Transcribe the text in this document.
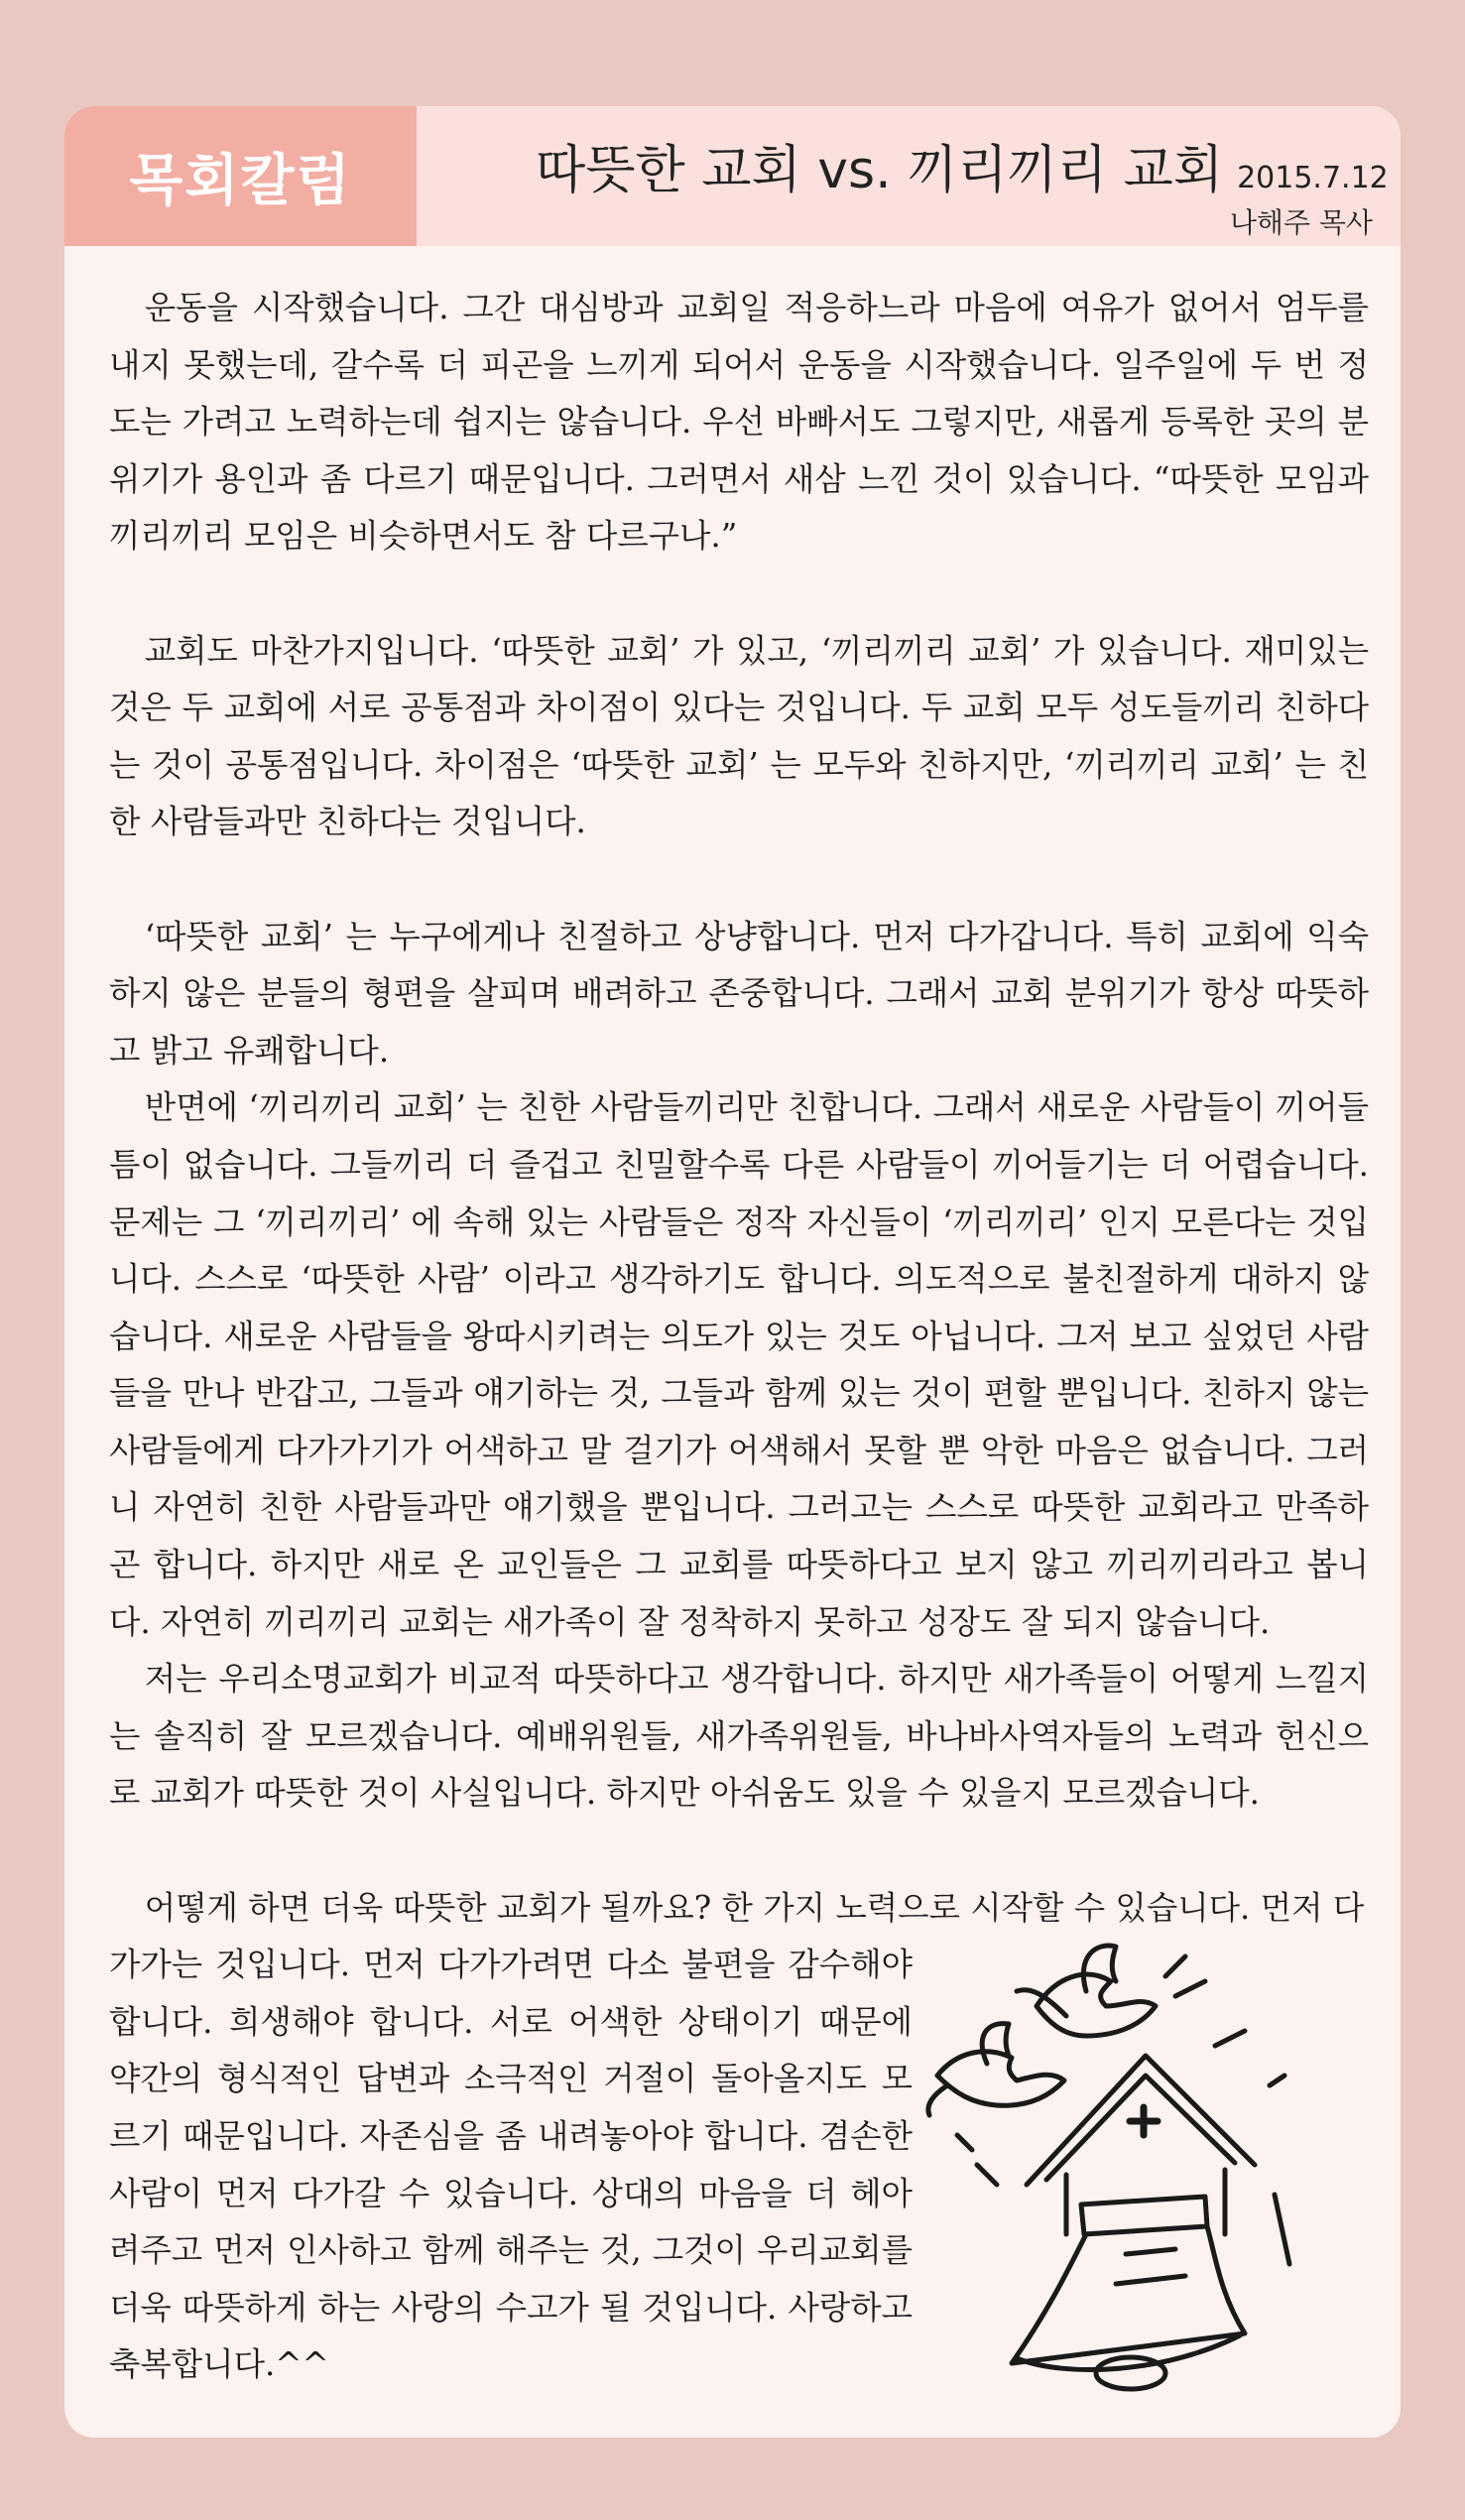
목회칼럼	따뜻한 교회 vs. 끼리끼리 교회 2015.7.12
나해주 목사

운동을 시작했습니다. 그간 대심방과 교회일 적응하느라 마음에 여유가 없어서 엄두를 내지 못했는데, 갈수록 더 피곤을 느끼게 되어서 운동을 시작했습니다. 일주일에 두 번 정도는 가려고 노력하는데 쉽지는 않습니다. 우선 바빠서도 그렇지만, 새롭게 등록한 곳의 분위기가 용인과 좀 다르기 때문입니다. 그러면서 새삼 느낀 것이 있습니다. “따뜻한 모임과 끼리끼리 모임은 비슷하면서도 참 다르구나.”

교회도 마찬가지입니다. ‘따뜻한 교회’ 가 있고, ‘끼리끼리 교회’ 가 있습니다. 재미있는 것은 두 교회에 서로 공통점과 차이점이 있다는 것입니다. 두 교회 모두 성도들끼리 친하다는 것이 공통점입니다. 차이점은 ‘따뜻한 교회’ 는 모두와 친하지만, ‘끼리끼리 교회’ 는 친한 사람들과만 친하다는 것입니다.

‘따뜻한 교회’ 는 누구에게나 친절하고 상냥합니다. 먼저 다가갑니다. 특히 교회에 익숙하지 않은 분들의 형편을 살피며 배려하고 존중합니다. 그래서 교회 분위기가 항상 따뜻하고 밝고 유쾌합니다.

반면에 ‘끼리끼리 교회’ 는 친한 사람들끼리만 친합니다. 그래서 새로운 사람들이 끼어들 틈이 없습니다. 그들끼리 더 즐겁고 친밀할수록 다른 사람들이 끼어들기는 더 어렵습니다. 문제는 그 ‘끼리끼리’ 에 속해 있는 사람들은 정작 자신들이 ‘끼리끼리’ 인지 모른다는 것입니다. 스스로 ‘따뜻한 사람’ 이라고 생각하기도 합니다. 의도적으로 불친절하게 대하지 않습니다. 새로운 사람들을 왕따시키려는 의도가 있는 것도 아닙니다. 그저 보고 싶었던 사람들을 만나 반갑고, 그들과 얘기하는 것, 그들과 함께 있는 것이 편할 뿐입니다. 친하지 않는 사람들에게 다가가기가 어색하고 말 걸기가 어색해서 못할 뿐 악한 마음은 없습니다. 그러니 자연히 친한 사람들과만 얘기했을 뿐입니다. 그러고는 스스로 따뜻한 교회라고 만족하곤 합니다. 하지만 새로 온 교인들은 그 교회를 따뜻하다고 보지 않고 끼리끼리라고 봅니다. 자연히 끼리끼리 교회는 새가족이 잘 정착하지 못하고 성장도 잘 되지 않습니다.

저는 우리소명교회가 비교적 따뜻하다고 생각합니다. 하지만 새가족들이 어떻게 느낄지는 솔직히 잘 모르겠습니다. 예배위원들, 새가족위원들, 바나바사역자들의 노력과 헌신으로 교회가 따뜻한 것이 사실입니다. 하지만 아쉬움도 있을 수 있을지 모르겠습니다.

어떻게 하면 더욱 따뜻한 교회가 될까요? 한 가지 노력으로 시작할 수 있습니다. 먼저 다

가가는 것입니다. 먼저 다가가려면 다소 불편을 감수해야 합니다. 희생해야 합니다. 서로 어색한 상태이기 때문에 약간의 형식적인 답변과 소극적인 거절이 돌아올지도 모르기 때문입니다. 자존심을 좀 내려놓아야 합니다. 겸손한 사람이 먼저 다가갈 수 있습니다. 상대의 마음을 더 헤아려주고 먼저 인사하고 함께 해주는 것, 그것이 우리교회를 더욱 따뜻하게 하는 사랑의 수고가 될 것입니다. 사랑하고 축복합니다.^^
